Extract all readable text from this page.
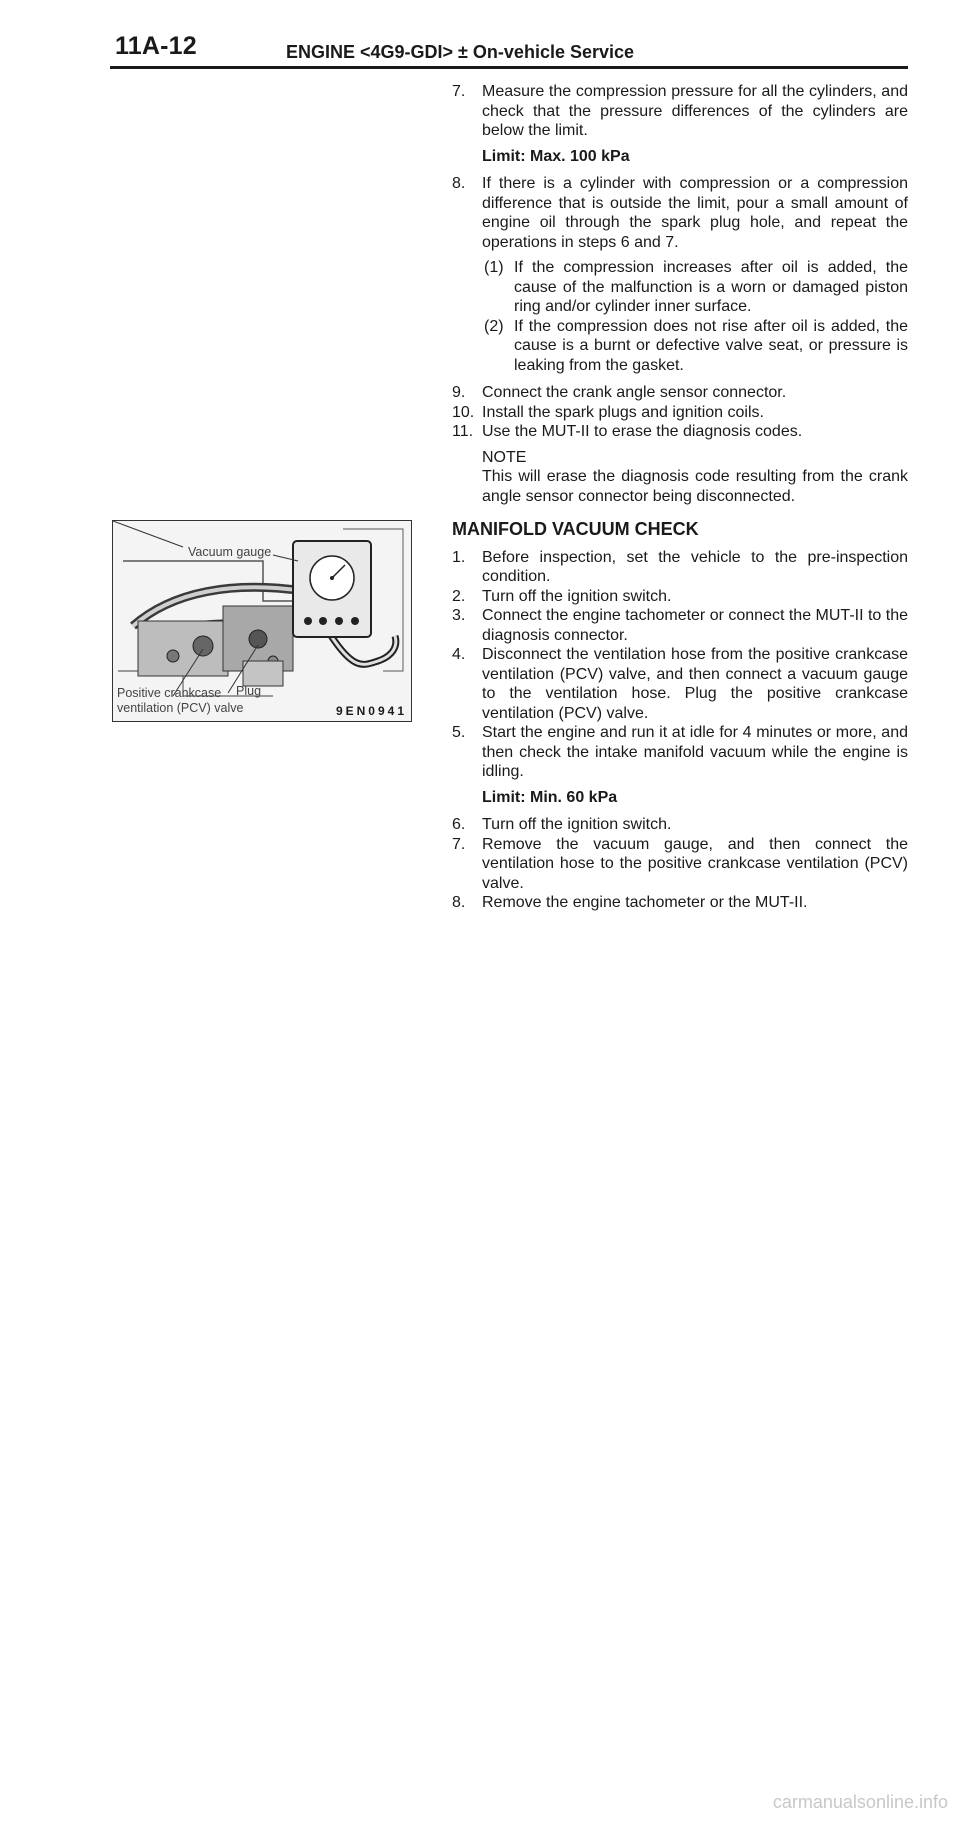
11A-12	ENGINE <4G9-GDI> ± On-vehicle Service
7. Measure the compression pressure for all the cylinders, and check that the pressure differences of the cylinders are below the limit.
Limit: Max. 100 kPa
8. If there is a cylinder with compression or a compression difference that is outside the limit, pour a small amount of engine oil through the spark plug hole, and repeat the operations in steps 6 and 7.
(1) If the compression increases after oil is added, the cause of the malfunction is a worn or damaged piston ring and/or cylinder inner surface.
(2) If the compression does not rise after oil is added, the cause is a burnt or defective valve seat, or pressure is leaking from the gasket.
9. Connect the crank angle sensor connector.
10. Install the spark plugs and ignition coils.
11. Use the MUT-II to erase the diagnosis codes.
NOTE
This will erase the diagnosis code resulting from the crank angle sensor connector being disconnected.
MANIFOLD VACUUM CHECK
1. Before inspection, set the vehicle to the pre-inspection condition.
2. Turn off the ignition switch.
3. Connect the engine tachometer or connect the MUT-II to the diagnosis connector.
4. Disconnect the ventilation hose from the positive crankcase ventilation (PCV) valve, and then connect a vacuum gauge to the ventilation hose. Plug the positive crankcase ventilation (PCV) valve.
5. Start the engine and run it at idle for 4 minutes or more, and then check the intake manifold vacuum while the engine is idling.
Limit: Min. 60 kPa
6. Turn off the ignition switch.
7. Remove the vacuum gauge, and then connect the ventilation hose to the positive crankcase ventilation (PCV) valve.
8. Remove the engine tachometer or the MUT-II.
Vacuum gauge
Positive crankcase
ventilation (PCV) valve
Plug
9EN0941
carmanualsonline.info
